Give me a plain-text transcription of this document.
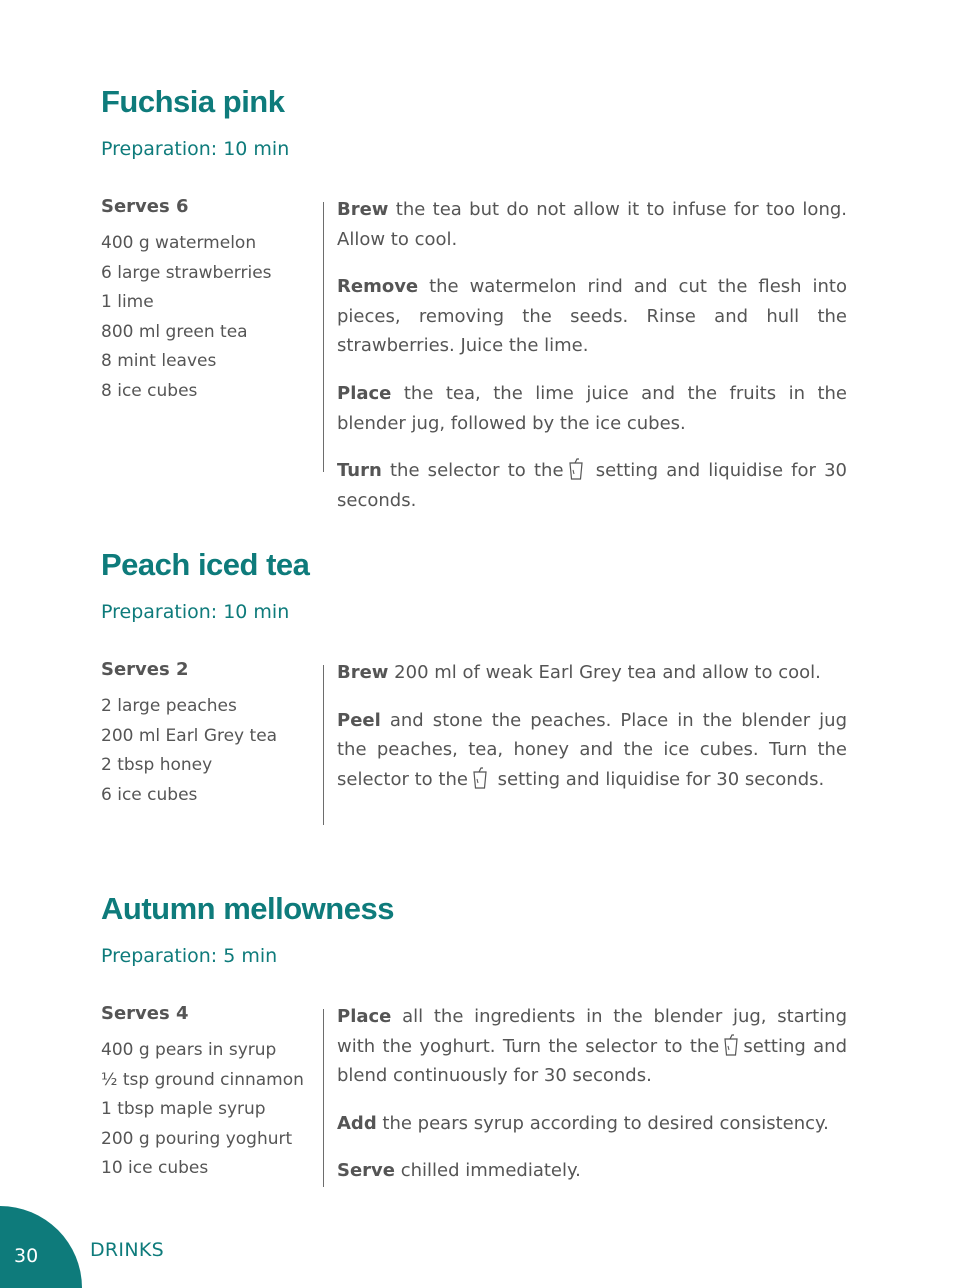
Fuchsia pink
Preparation: 10 min
Serves 6
400 g watermelon
6 large strawberries
1 lime
800 ml green tea
8 mint leaves
8 ice cubes

Brew the tea but do not allow it to infuse for too long. Allow to cool.

Remove the watermelon rind and cut the flesh into pieces, removing the seeds. Rinse and hull the strawberries. Juice the lime.

Place the tea, the lime juice and the fruits in the blender jug, followed by the ice cubes.

Turn the selector to the setting and liquidise for 30 seconds.

Peach iced tea
Preparation: 10 min
Serves 2
2 large peaches
200 ml Earl Grey tea
2 tbsp honey
6 ice cubes

Brew 200 ml of weak Earl Grey tea and allow to cool.

Peel and stone the peaches. Place in the blender jug the peaches, tea, honey and the ice cubes. Turn the selector to the setting and liquidise for 30 seconds.

Autumn mellowness
Preparation: 5 min
Serves 4
400 g pears in syrup
½ tsp ground cinnamon
1 tbsp maple syrup
200 g pouring yoghurt
10 ice cubes

Place all the ingredients in the blender jug, starting with the yoghurt. Turn the selector to the setting and blend continuously for 30 seconds.

Add the pears syrup according to desired consistency.

Serve chilled immediately.

30	DRINKS
